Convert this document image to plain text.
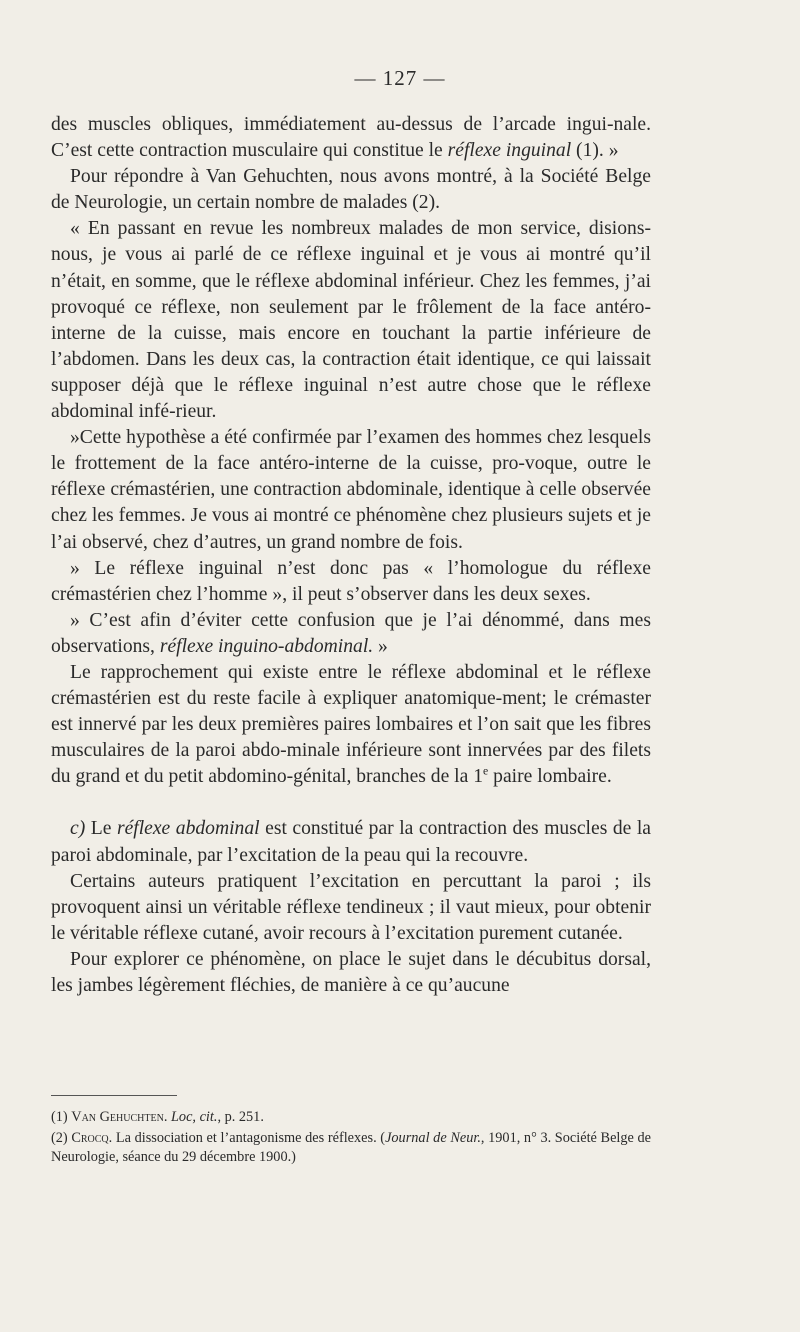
— 127 —

des muscles obliques, immédiatement au-dessus de l’arcade ingui-nale. C’est cette contraction musculaire qui constitue le réflexe inguinal (1). »

Pour répondre à Van Gehuchten, nous avons montré, à la Société Belge de Neurologie, un certain nombre de malades (2).

« En passant en revue les nombreux malades de mon service, disions-nous, je vous ai parlé de ce réflexe inguinal et je vous ai montré qu’il n’était, en somme, que le réflexe abdominal inférieur. Chez les femmes, j’ai provoqué ce réflexe, non seulement par le frôlement de la face antéro-interne de la cuisse, mais encore en touchant la partie inférieure de l’abdomen. Dans les deux cas, la contraction était identique, ce qui laissait supposer déjà que le réflexe inguinal n’est autre chose que le réflexe abdominal infé-rieur.

»Cette hypothèse a été confirmée par l’examen des hommes chez lesquels le frottement de la face antéro-interne de la cuisse, pro-voque, outre le réflexe crémastérien, une contraction abdominale, identique à celle observée chez les femmes. Je vous ai montré ce phénomène chez plusieurs sujets et je l’ai observé, chez d’autres, un grand nombre de fois.

» Le réflexe inguinal n’est donc pas « l’homologue du réflexe crémastérien chez l’homme », il peut s’observer dans les deux sexes.

» C’est afin d’éviter cette confusion que je l’ai dénommé, dans mes observations, réflexe inguino-abdominal. »

Le rapprochement qui existe entre le réflexe abdominal et le réflexe crémastérien est du reste facile à expliquer anatomique-ment; le crémaster est innervé par les deux premières paires lombaires et l’on sait que les fibres musculaires de la paroi abdo-minale inférieure sont innervées par des filets du grand et du petit abdomino-génital, branches de la 1e paire lombaire.

c) Le réflexe abdominal est constitué par la contraction des muscles de la paroi abdominale, par l’excitation de la peau qui la recouvre.

Certains auteurs pratiquent l’excitation en percuttant la paroi ; ils provoquent ainsi un véritable réflexe tendineux ; il vaut mieux, pour obtenir le véritable réflexe cutané, avoir recours à l’excitation purement cutanée.

Pour explorer ce phénomène, on place le sujet dans le décubitus dorsal, les jambes légèrement fléchies, de manière à ce qu’aucune

(1) Van Gehuchten. Loc, cit., p. 251.

(2) Crocq. La dissociation et l’antagonisme des réflexes. (Journal de Neur., 1901, n° 3. Société Belge de Neurologie, séance du 29 décembre 1900.)
